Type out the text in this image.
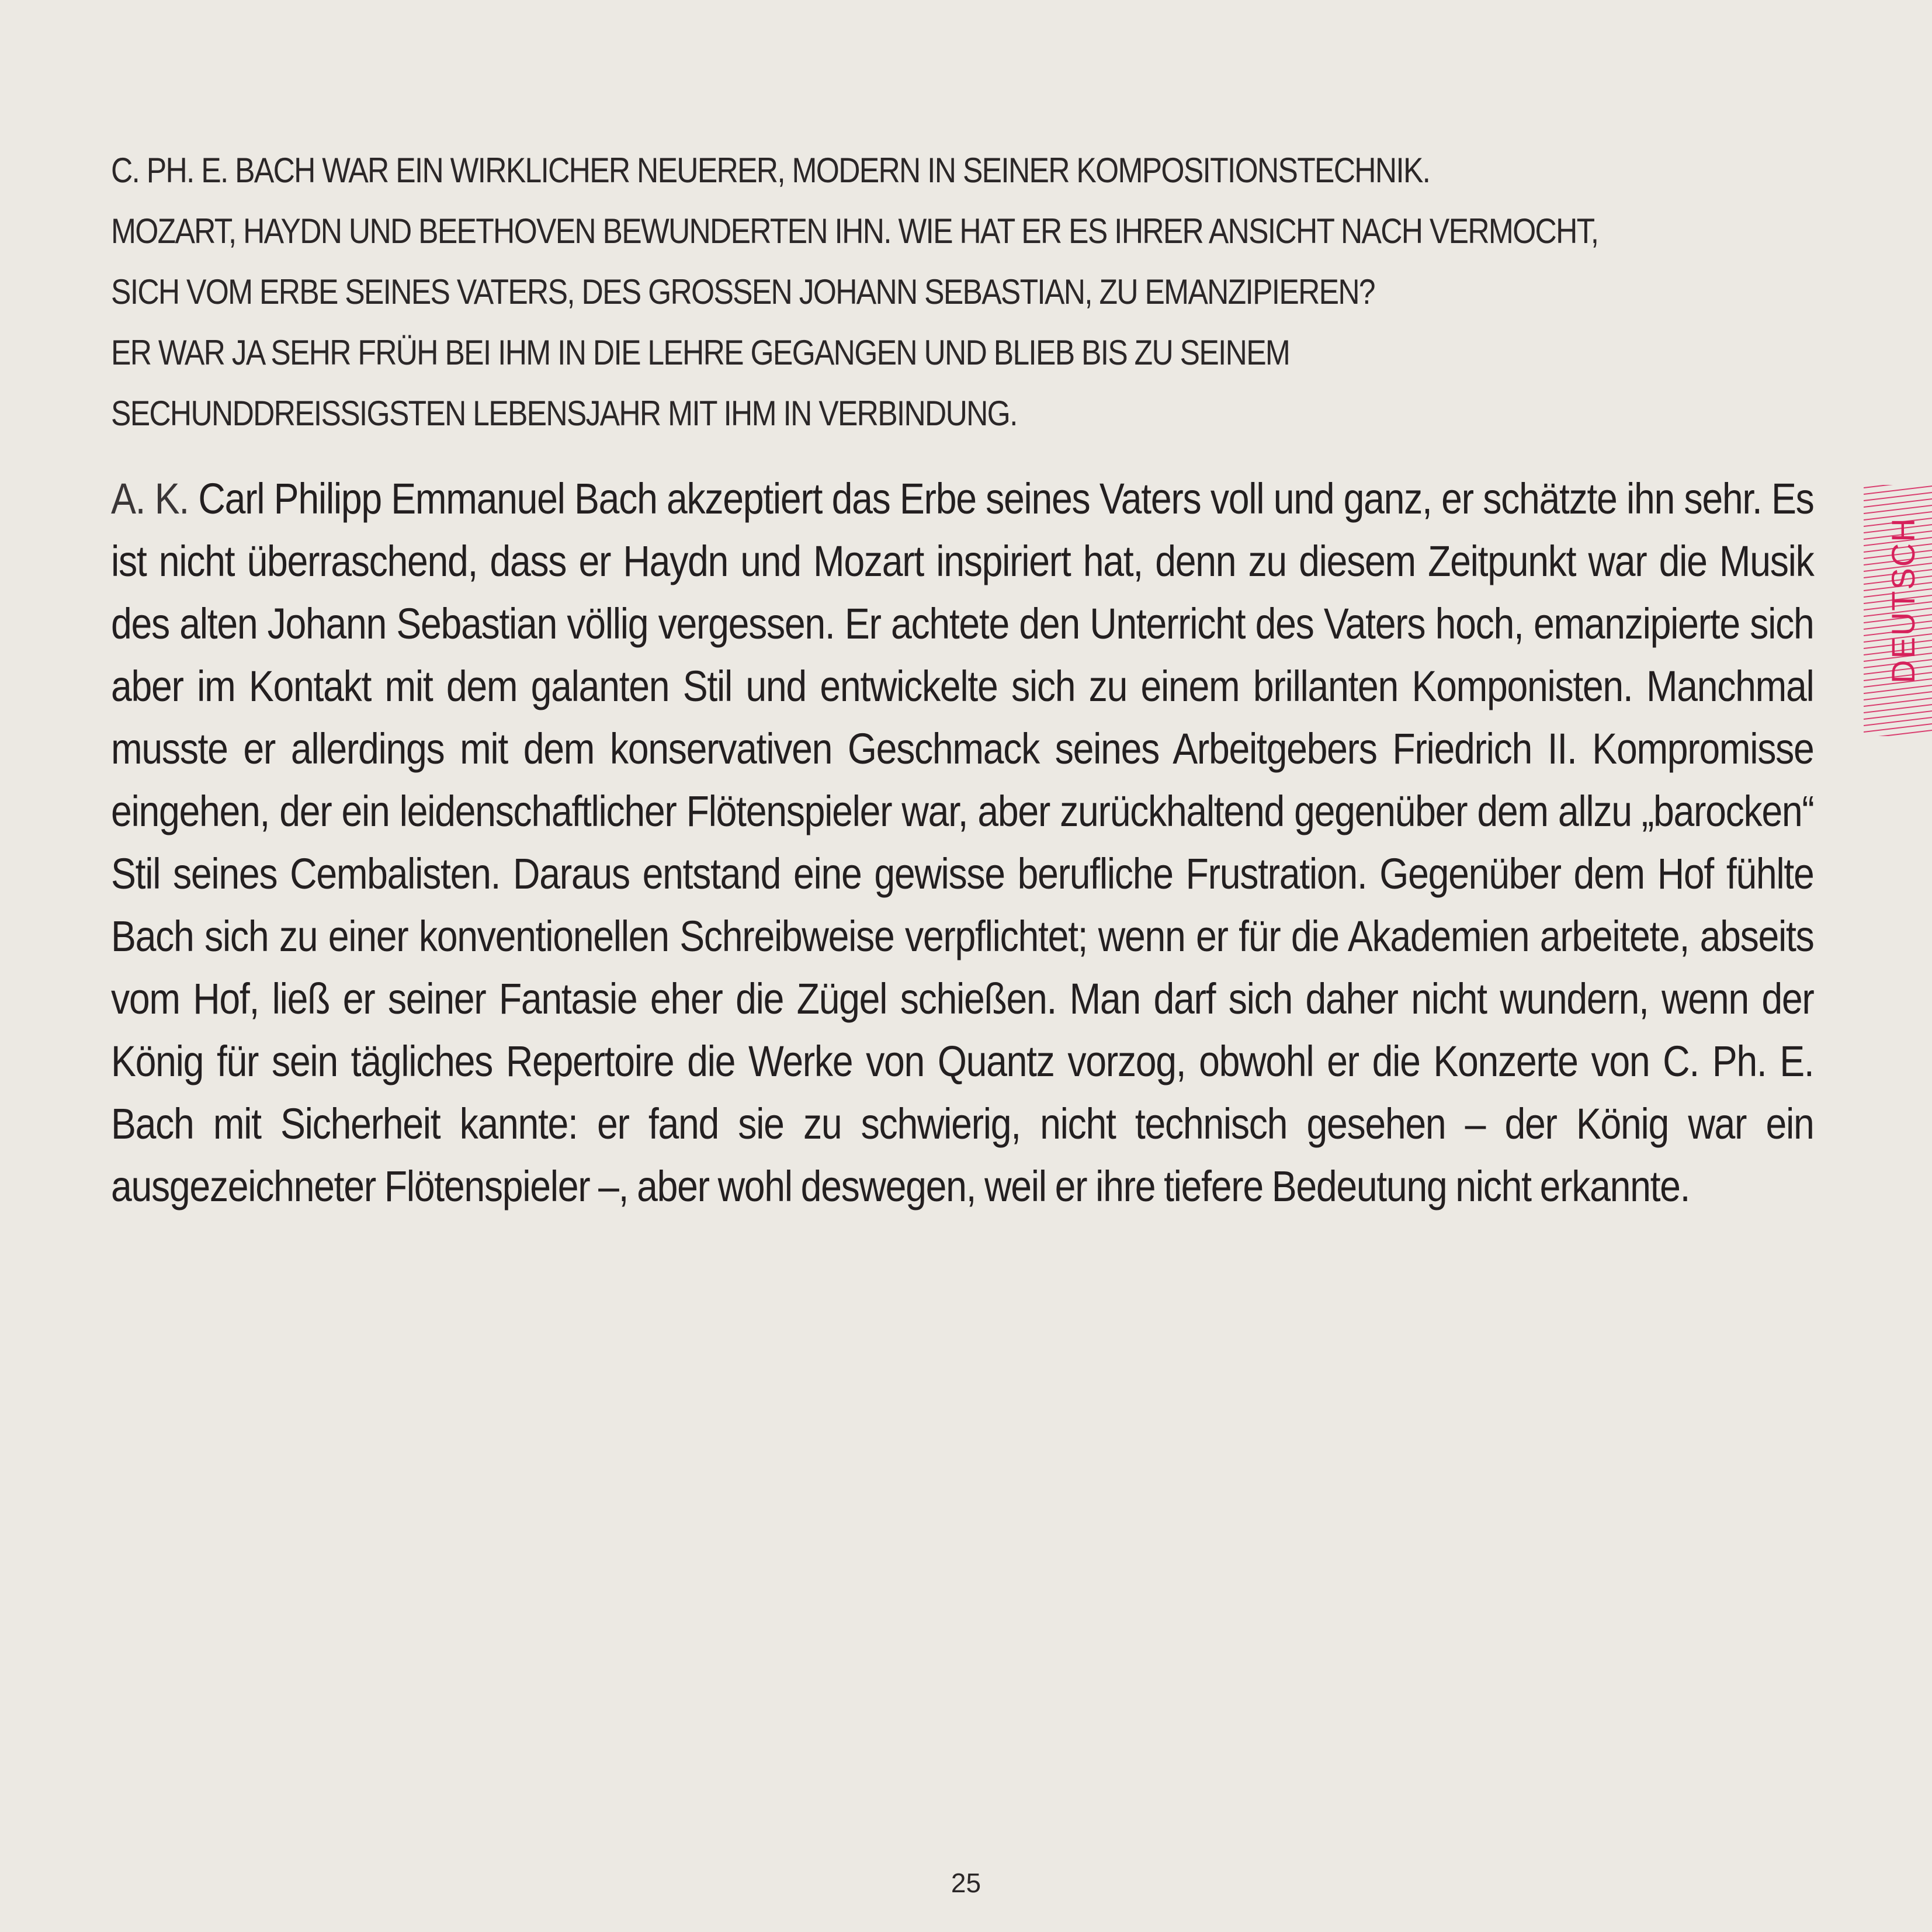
C. PH. E. BACH WAR EIN WIRKLICHER NEUERER, MODERN IN SEINER KOMPOSITIONSTECHNIK.
MOZART, HAYDN UND BEETHOVEN BEWUNDERTEN IHN. WIE HAT ER ES IHRER ANSICHT NACH VERMOCHT,
SICH VOM ERBE SEINES VATERS, DES GROSSEN JOHANN SEBASTIAN, ZU EMANZIPIEREN?
ER WAR JA SEHR FRÜH BEI IHM IN DIE LEHRE GEGANGEN UND BLIEB BIS ZU SEINEM
SECHUNDDREISSIGSTEN LEBENSJAHR MIT IHM IN VERBINDUNG.

A. K. Carl Philipp Emmanuel Bach akzeptiert das Erbe seines Vaters voll und ganz, er schätzte ihn sehr. Es ist nicht überraschend, dass er Haydn und Mozart inspiriert hat, denn zu diesem Zeitpunkt war die Musik des alten Johann Sebastian völlig vergessen. Er achtete den Unterricht des Vaters hoch, emanzipierte sich aber im Kontakt mit dem galanten Stil und entwickelte sich zu einem brillanten Komponisten. Manchmal musste er allerdings mit dem konservativen Geschmack seines Arbeitgebers Friedrich II. Kompromisse eingehen, der ein leidenschaftlicher Flötenspieler war, aber zurückhaltend gegenüber dem allzu „barocken“ Stil seines Cembalisten. Daraus entstand eine gewisse berufliche Frustration. Gegenüber dem Hof fühlte Bach sich zu einer konventionellen Schreibweise verpflichtet; wenn er für die Akademien arbeitete, abseits vom Hof, ließ er seiner Fantasie eher die Zügel schießen. Man darf sich daher nicht wundern, wenn der König für sein tägliches Repertoire die Werke von Quantz vorzog, obwohl er die Konzerte von C. Ph. E. Bach mit Sicherheit kannte: er fand sie zu schwierig, nicht technisch gesehen – der König war ein ausgezeichneter Flötenspieler –, aber wohl deswegen, weil er ihre tiefere Bedeutung nicht erkannte.

DEUTSCH
25
